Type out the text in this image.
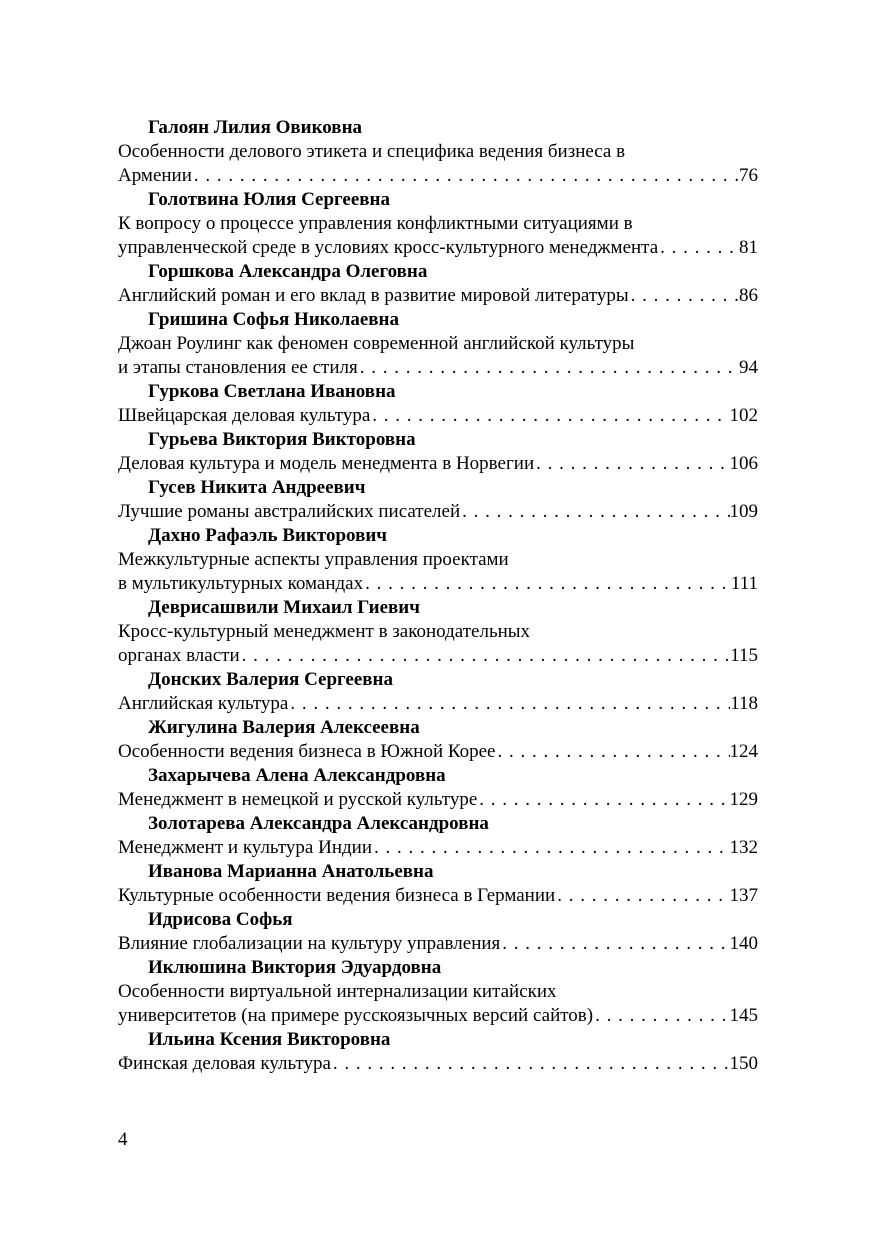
Галоян Лилия Овиковна
Особенности делового этикета и специфика ведения бизнеса в
Армении . . .	76
Голотвина Юлия Сергеевна
К вопросу о процессе управления конфликтными ситуациями в
управленческой среде в условиях кросс-культурного менеджмента . . .	81
Горшкова Александра Олеговна
Английский роман и его вклад в развитие мировой литературы . . .	86
Гришина Софья Николаевна
Джоан Роулинг как феномен современной английской культуры
и этапы становления ее стиля . . .	94
Гуркова Светлана Ивановна
Швейцарская деловая культура . . .	102
Гурьева Виктория Викторовна
Деловая культура и модель менедмента в Норвегии . . .	106
Гусев Никита Андреевич
Лучшие романы австралийских писателей . . .	109
Дахно Рафаэль Викторович
Межкультурные аспекты управления проектами
в мультикультурных командах . . .	111
Деврисашвили Михаил Гиевич
Кросс-культурный менеджмент в законодательных
органах власти . . .	115
Донских Валерия Сергеевна
Английская культура . . .	118
Жигулина Валерия Алексеевна
Особенности ведения бизнеса в Южной Корее . . .	124
Захарычева Алена Александровна
Менеджмент в немецкой и русской культуре . . .	129
Золотарева Александра Александровна
Менеджмент и культура Индии . . .	132
Иванова Марианна Анатольевна
Культурные особенности ведения бизнеса в Германии . . .	137
Идрисова Софья
Влияние глобализации на культуру управления . . .	140
Иклюшина Виктория Эдуардовна
Особенности виртуальной интернализации китайских
университетов (на примере русскоязычных версий сайтов) . . .	145
Ильина Ксения Викторовна
Финская деловая культура . . .	150
4
